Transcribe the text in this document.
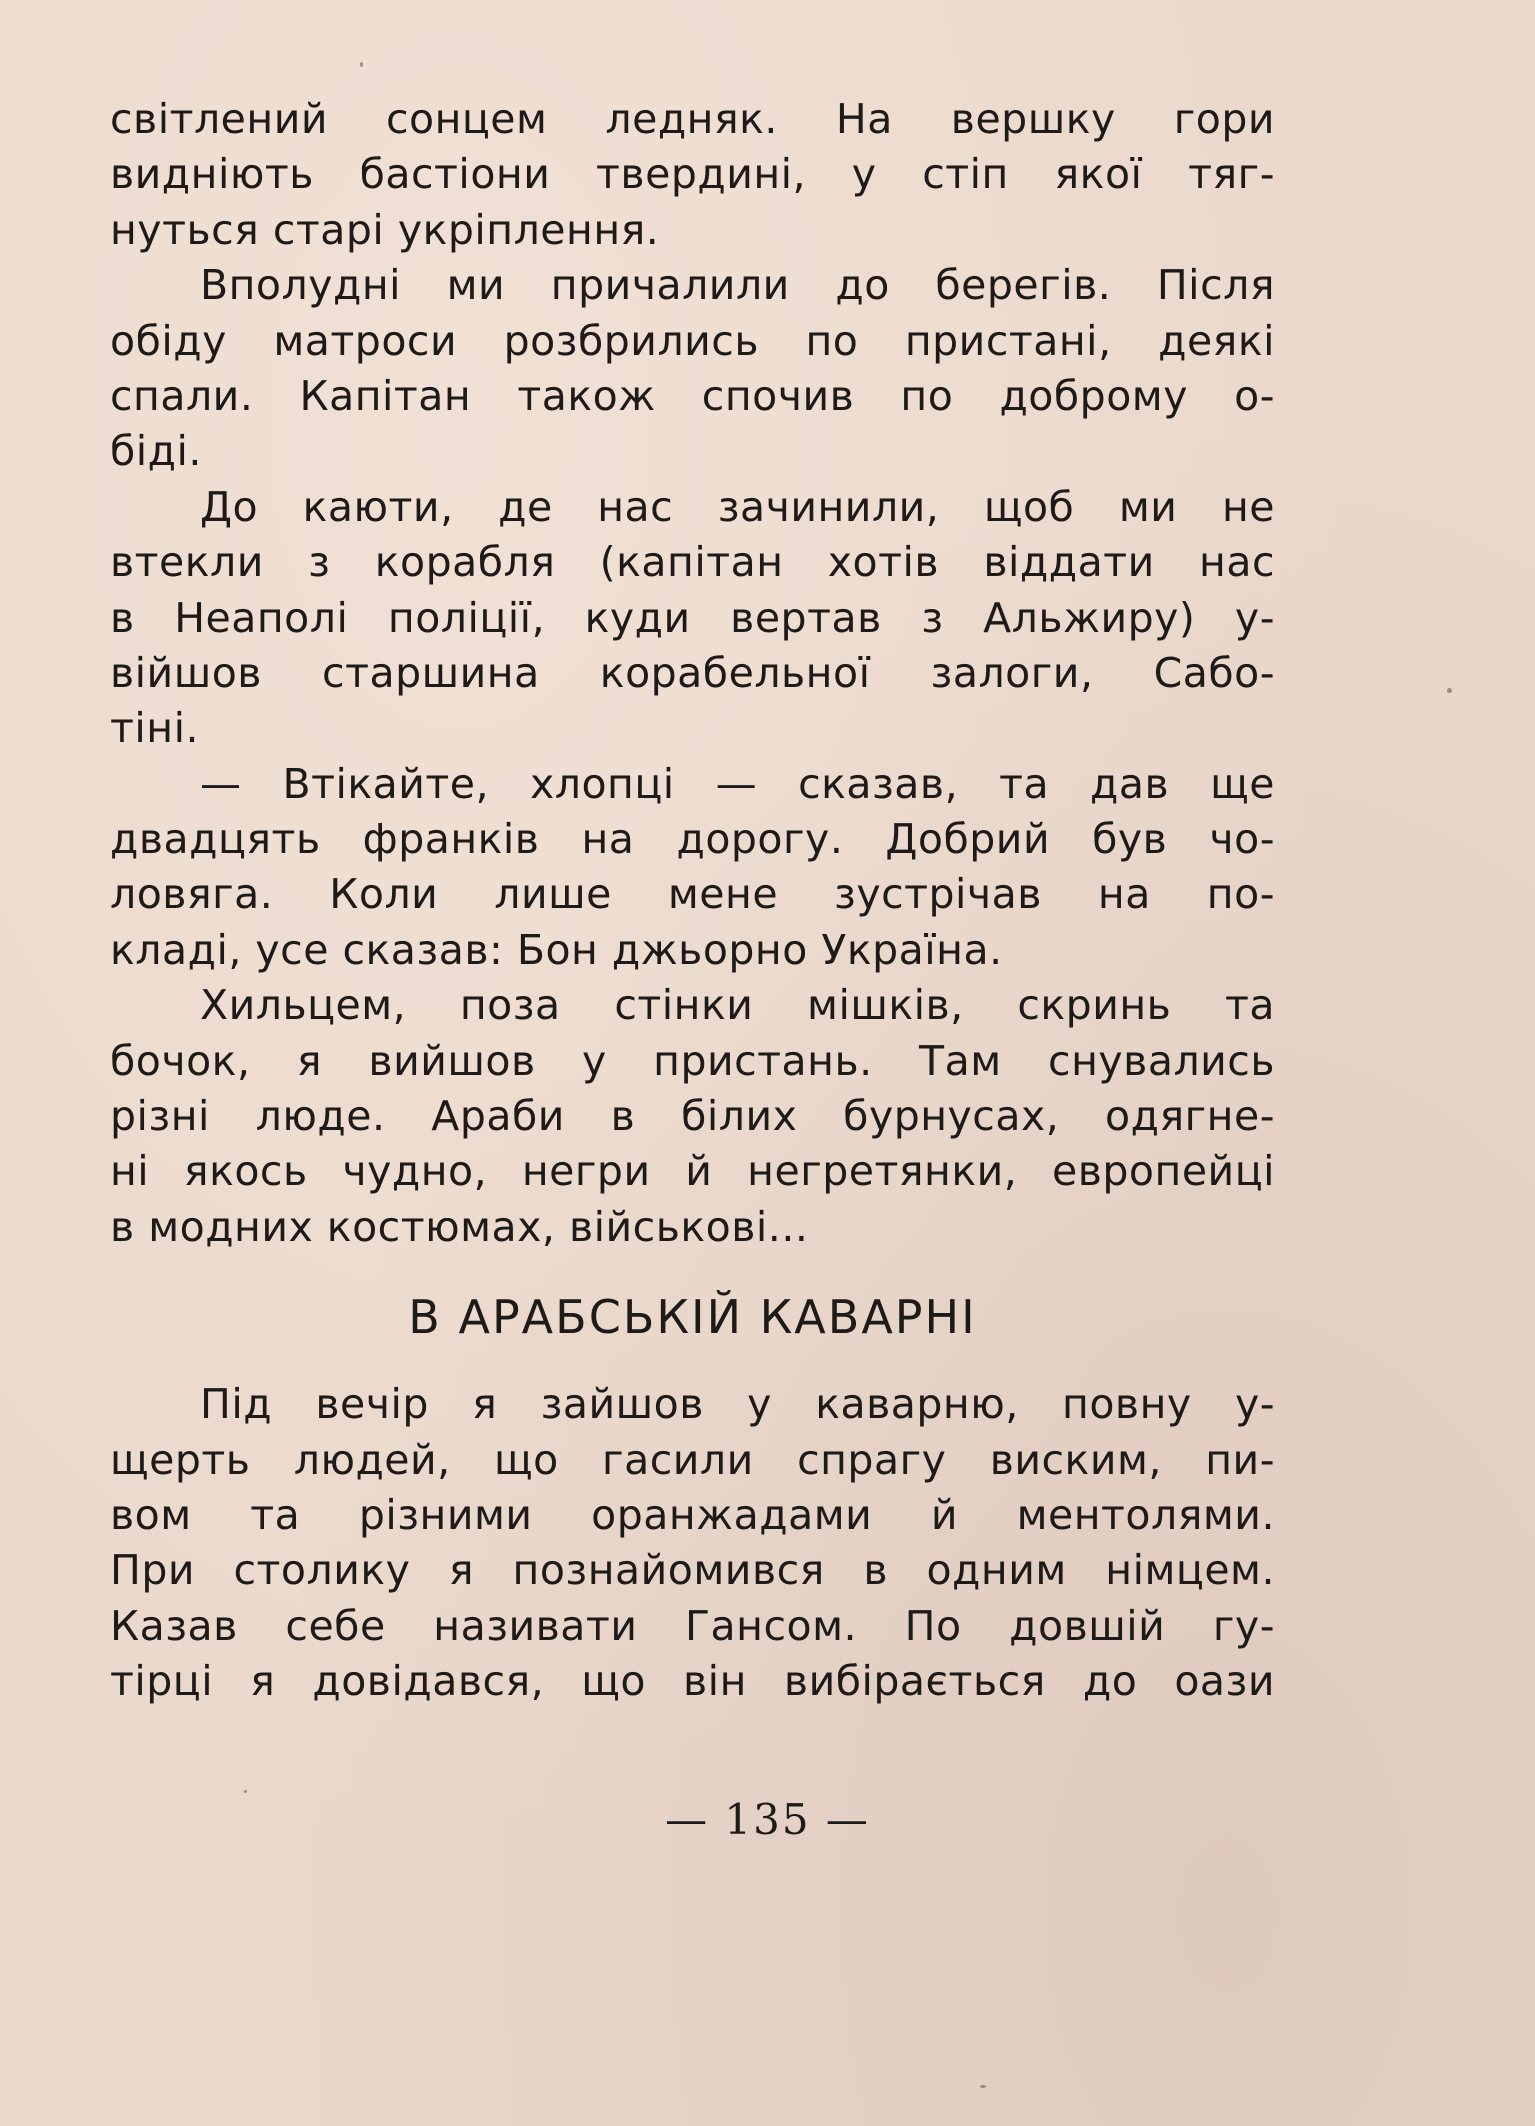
світлений сонцем ледняк. На вершку гори
видніють бастіони твердині, у стіп якої тяг-
нуться старі укріплення.
Вполудні ми причалили до берегів. Після
обіду матроси розбрились по пристані, деякі
спали. Капітан також спочив по доброму о-
біді.
До каюти, де нас зачинили, щоб ми не
втекли з корабля (капітан хотів віддати нас
в Неаполі поліції, куди вертав з Альжиру) у-
війшов старшина корабельної залоги, Сабо-
тіні.
— Втікайте, хлопці — сказав, та дав ще
двадцять франків на дорогу. Добрий був чо-
ловяга. Коли лише мене зустрічав на по-
кладі, усе сказав: Бон джьорно Україна.
Хильцем, поза стінки мішків, скринь та
бочок, я вийшов у пристань. Там снувались
різні люде. Араби в білих бурнусах, одягне-
ні якось чудно, негри й негретянки, европейці
в модних костюмах, військові...
В АРАБСЬКІЙ КАВАРНІ
Під вечір я зайшов у каварню, повну у-
щерть людей, що гасили спрагу виским, пи-
вом та різними оранжадами й ментолями.
При столику я познайомився в одним німцем.
Казав себе називати Гансом. По довшій гу-
тірці я довідався, що він вибірається до оази
— 135 —
